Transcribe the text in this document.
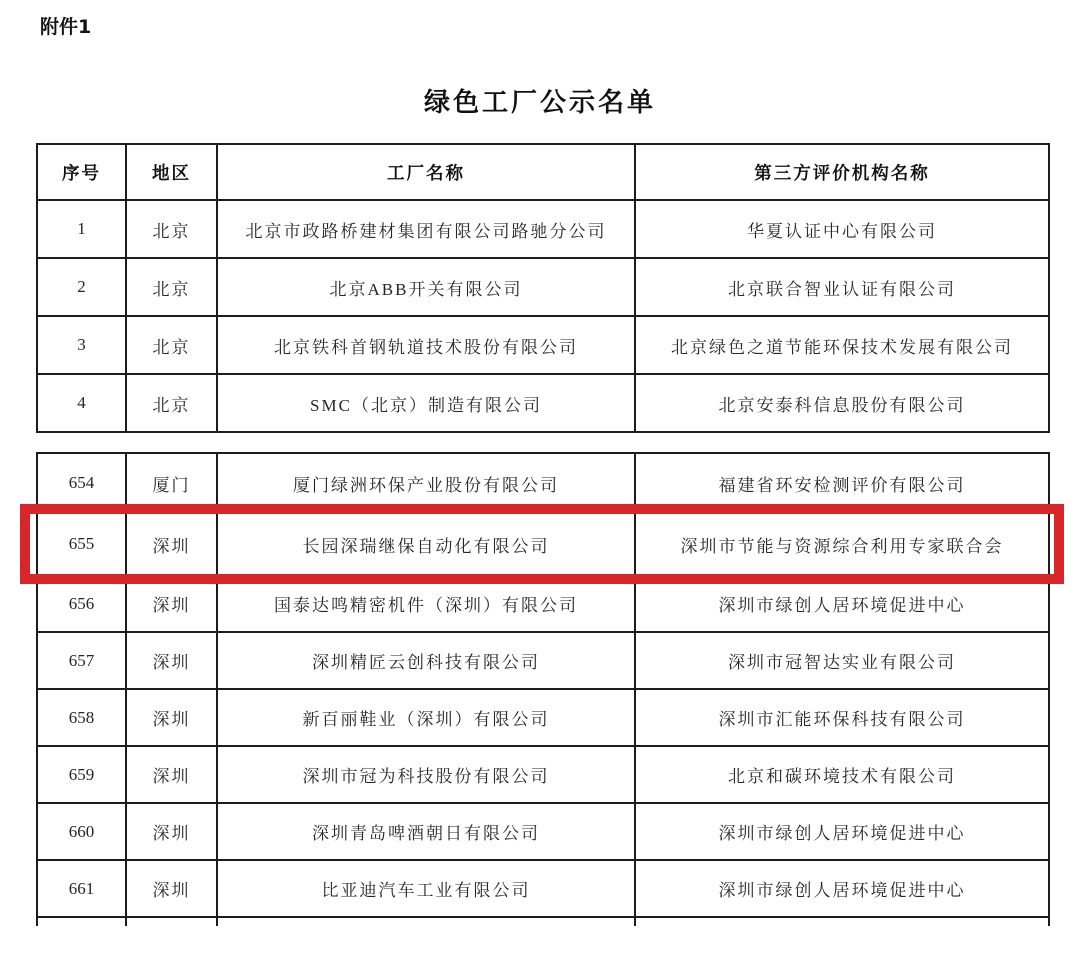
附件1
绿色工厂公示名单
序号	地区	工厂名称	第三方评价机构名称
1	北京	北京市政路桥建材集团有限公司路驰分公司	华夏认证中心有限公司
2	北京	北京ABB开关有限公司	北京联合智业认证有限公司
3	北京	北京铁科首钢轨道技术股份有限公司	北京绿色之道节能环保技术发展有限公司
4	北京	SMC（北京）制造有限公司	北京安泰科信息股份有限公司
654	厦门	厦门绿洲环保产业股份有限公司	福建省环安检测评价有限公司
655	深圳	长园深瑞继保自动化有限公司	深圳市节能与资源综合利用专家联合会
656	深圳	国泰达鸣精密机件（深圳）有限公司	深圳市绿创人居环境促进中心
657	深圳	深圳精匠云创科技有限公司	深圳市冠智达实业有限公司
658	深圳	新百丽鞋业（深圳）有限公司	深圳市汇能环保科技有限公司
659	深圳	深圳市冠为科技股份有限公司	北京和碳环境技术有限公司
660	深圳	深圳青岛啤酒朝日有限公司	深圳市绿创人居环境促进中心
661	深圳	比亚迪汽车工业有限公司	深圳市绿创人居环境促进中心
